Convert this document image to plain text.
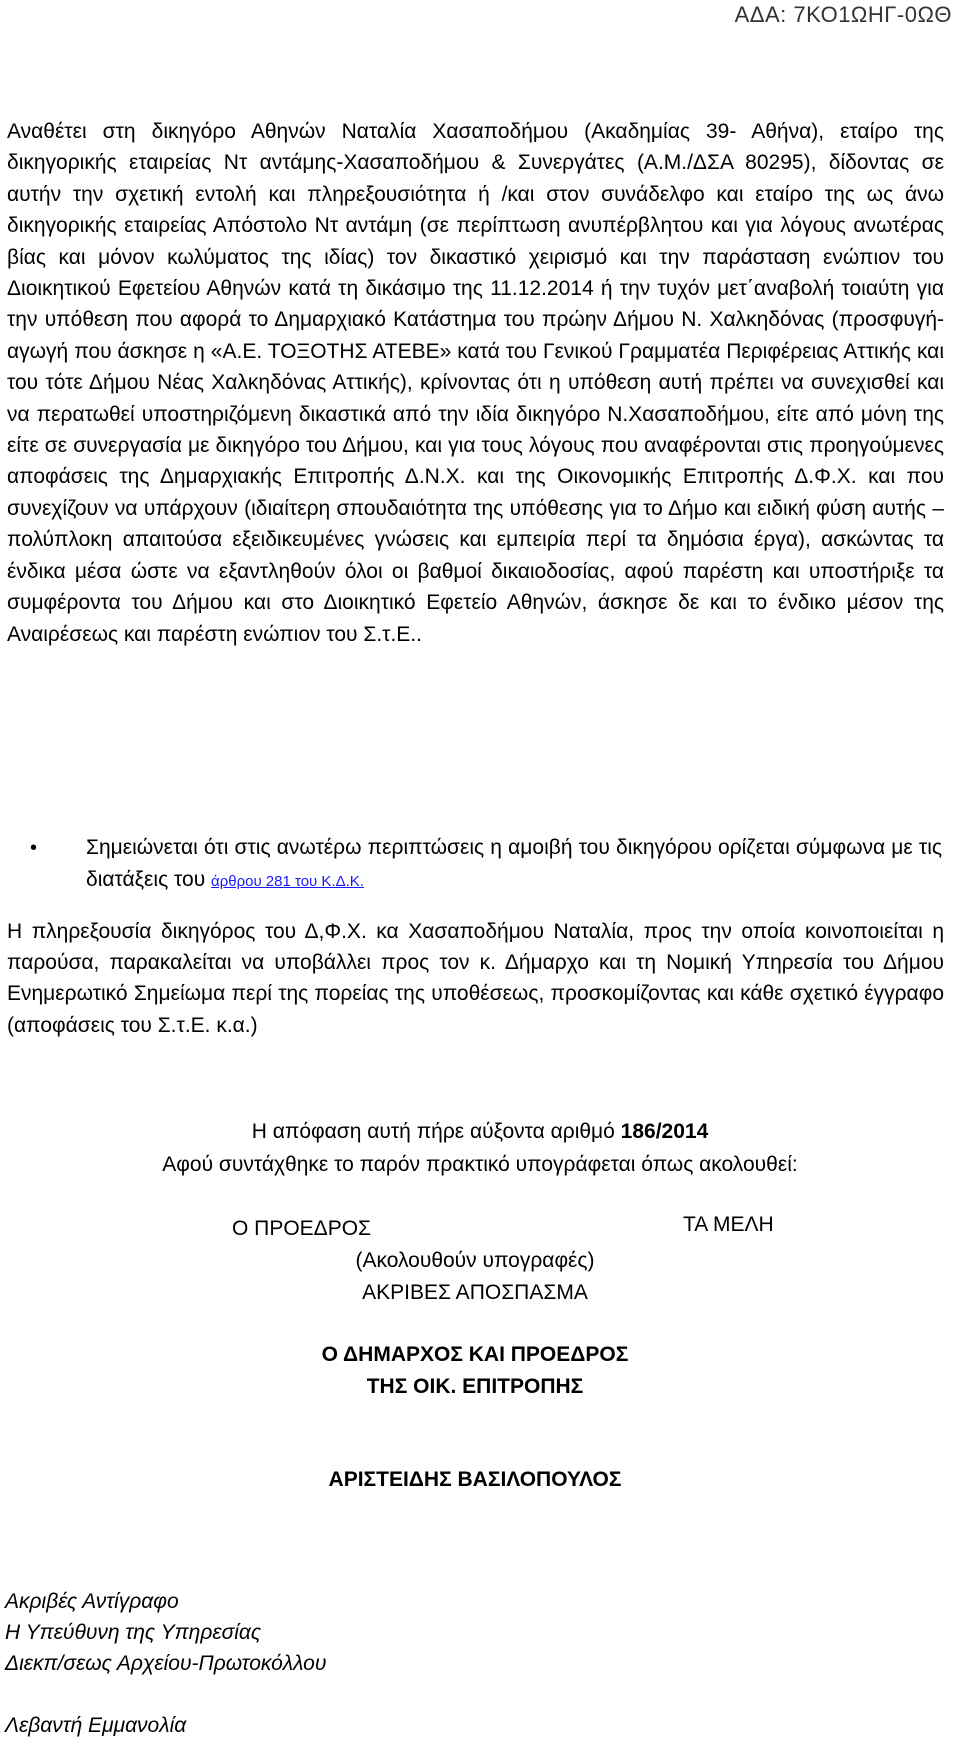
ΑΔΑ: 7ΚΟ1ΩΗΓ-0ΩΘ

Αναθέτει στη δικηγόρο Αθηνών Ναταλία Χασαποδήμου (Ακαδημίας 39- Αθήνα), εταίρο της δικηγορικής εταιρείας Ντ αντάμης-Χασαποδήμου & Συνεργάτες (Α.Μ./ΔΣΑ 80295), δίδοντας σε αυτήν την σχετική εντολή και πληρεξουσιότητα ή /και στον συνάδελφο και εταίρο της ως άνω δικηγορικής εταιρείας Απόστολο Ντ αντάμη (σε περίπτωση ανυπέρβλητου και για λόγους ανωτέρας βίας και μόνον κωλύματος της ιδίας) τον δικαστικό χειρισμό και την παράσταση ενώπιον του Διοικητικού Εφετείου Αθηνών κατά τη δικάσιμο της 11.12.2014 ή την τυχόν μετ΄αναβολή τοιαύτη για την υπόθεση που αφορά το Δημαρχιακό Κατάστημα του πρώην Δήμου Ν. Χαλκηδόνας (προσφυγή-αγωγή που άσκησε η «Α.Ε. ΤΟΞΟΤΗΣ ΑΤΕΒΕ» κατά του Γενικού Γραμματέα Περιφέρειας Αττικής και του τότε Δήμου Νέας Χαλκηδόνας Αττικής), κρίνοντας ότι η υπόθεση αυτή πρέπει να συνεχισθεί και να περατωθεί υποστηριζόμενη δικαστικά από την ιδία δικηγόρο Ν.Χασαποδήμου, είτε από μόνη της είτε σε συνεργασία με δικηγόρο του Δήμου, και για τους λόγους που αναφέρονται στις προηγούμενες αποφάσεις της Δημαρχιακής Επιτροπής Δ.Ν.Χ. και της Οικονομικής Επιτροπής Δ.Φ.Χ. και που συνεχίζουν να υπάρχουν (ιδιαίτερη σπουδαιότητα της υπόθεσης για το Δήμο και ειδική φύση αυτής – πολύπλοκη απαιτούσα εξειδικευμένες γνώσεις και εμπειρία περί τα δημόσια έργα), ασκώντας τα ένδικα μέσα ώστε να εξαντληθούν όλοι οι βαθμοί δικαιοδοσίας, αφού παρέστη και υποστήριξε τα συμφέροντα του Δήμου και στο Διοικητικό Εφετείο Αθηνών, άσκησε δε και το ένδικο μέσον της Αναιρέσεως και παρέστη ενώπιον του Σ.τ.Ε..

• Σημειώνεται ότι στις ανωτέρω περιπτώσεις η αμοιβή του δικηγόρου ορίζεται σύμφωνα με τις διατάξεις του άρθρου 281 του Κ.Δ.Κ.
Η πληρεξουσία δικηγόρος του Δ,Φ.Χ. κα Χασαποδήμου Ναταλία, προς την οποία κοινοποιείται η παρούσα, παρακαλείται να υποβάλλει προς τον κ. Δήμαρχο και τη Νομική Υπηρεσία του Δήμου Ενημερωτικό Σημείωμα περί της πορείας της υποθέσεως, προσκομίζοντας και κάθε σχετικό έγγραφο (αποφάσεις του Σ.τ.Ε. κ.α.)
Η απόφαση αυτή πήρε αύξοντα αριθμό 186/2014
Αφού συντάχθηκε το παρόν πρακτικό υπογράφεται όπως ακολουθεί:
Ο ΠΡΟΕΔΡΟΣ	ΤΑ ΜΕΛΗ
(Ακολουθούν υπογραφές)
ΑΚΡΙΒΕΣ ΑΠΟΣΠΑΣΜΑ
Ο ΔΗΜΑΡΧΟΣ ΚΑΙ ΠΡΟΕΔΡΟΣ
ΤΗΣ ΟΙΚ. ΕΠΙΤΡΟΠΗΣ
ΑΡΙΣΤΕΙΔΗΣ ΒΑΣΙΛΟΠΟΥΛΟΣ
Ακριβές Αντίγραφο
Η Υπεύθυνη της Υπηρεσίας
Διεκπ/σεως Αρχείου-Πρωτοκόλλου
Λεβαντή Εμμανολία
